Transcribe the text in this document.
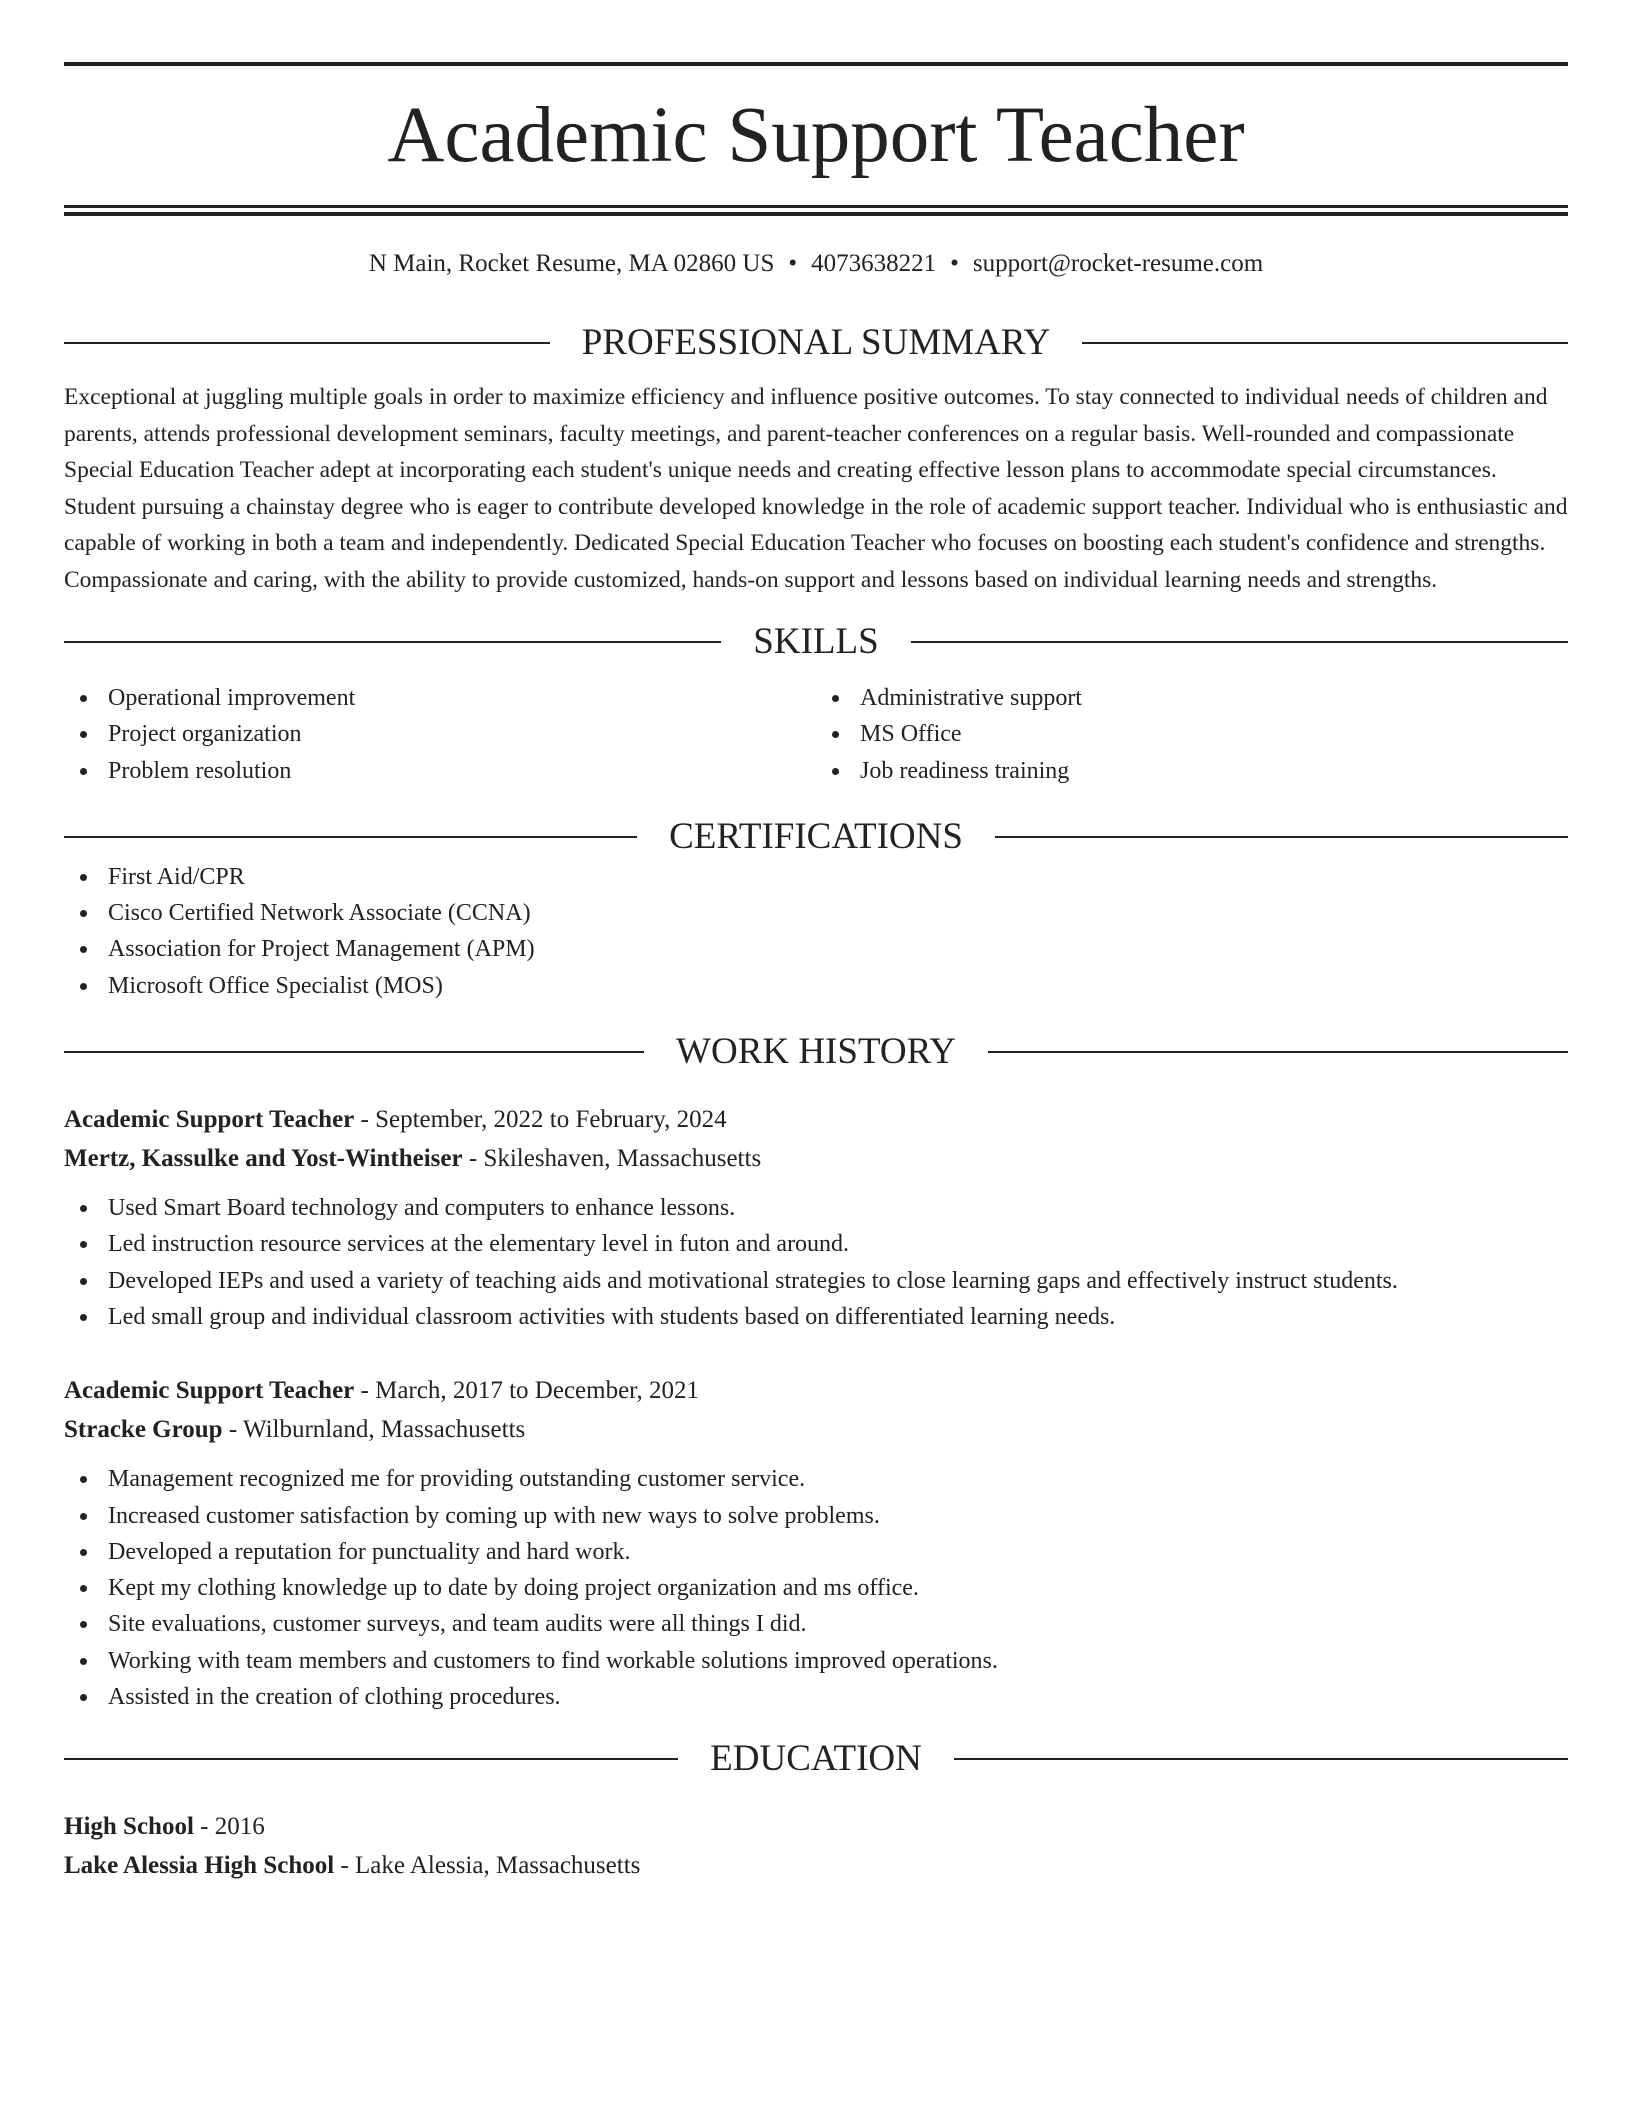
Academic Support Teacher
N Main, Rocket Resume, MA 02860 US • 4073638221 • support@rocket-resume.com
PROFESSIONAL SUMMARY
Exceptional at juggling multiple goals in order to maximize efficiency and influence positive outcomes. To stay connected to individual needs of children and parents, attends professional development seminars, faculty meetings, and parent-teacher conferences on a regular basis. Well-rounded and compassionate Special Education Teacher adept at incorporating each student's unique needs and creating effective lesson plans to accommodate special circumstances. Student pursuing a chainstay degree who is eager to contribute developed knowledge in the role of academic support teacher. Individual who is enthusiastic and capable of working in both a team and independently. Dedicated Special Education Teacher who focuses on boosting each student's confidence and strengths. Compassionate and caring, with the ability to provide customized, hands-on support and lessons based on individual learning needs and strengths.
SKILLS
Operational improvement
Project organization
Problem resolution
Administrative support
MS Office
Job readiness training
CERTIFICATIONS
First Aid/CPR
Cisco Certified Network Associate (CCNA)
Association for Project Management (APM)
Microsoft Office Specialist (MOS)
WORK HISTORY
Academic Support Teacher - September, 2022 to February, 2024
Mertz, Kassulke and Yost-Wintheiser - Skileshaven, Massachusetts
Used Smart Board technology and computers to enhance lessons.
Led instruction resource services at the elementary level in futon and around.
Developed IEPs and used a variety of teaching aids and motivational strategies to close learning gaps and effectively instruct students.
Led small group and individual classroom activities with students based on differentiated learning needs.
Academic Support Teacher - March, 2017 to December, 2021
Stracke Group - Wilburnland, Massachusetts
Management recognized me for providing outstanding customer service.
Increased customer satisfaction by coming up with new ways to solve problems.
Developed a reputation for punctuality and hard work.
Kept my clothing knowledge up to date by doing project organization and ms office.
Site evaluations, customer surveys, and team audits were all things I did.
Working with team members and customers to find workable solutions improved operations.
Assisted in the creation of clothing procedures.
EDUCATION
High School - 2016
Lake Alessia High School - Lake Alessia, Massachusetts
